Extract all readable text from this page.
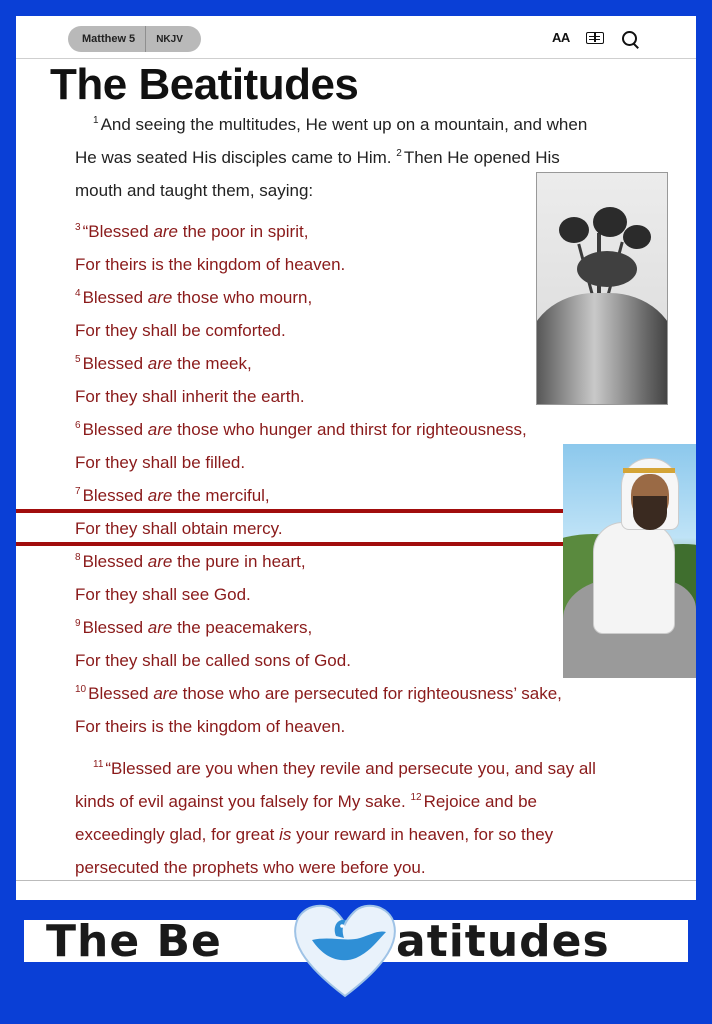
Matthew 5	NKJV	AA
The Beatitudes
$^1$ And seeing the multitudes, He went up on a mountain, and when
He was seated His disciples came to Him. $^2$ Then He opened His
mouth and taught them, saying:
$^3$ “Blessed are the poor in spirit,
For theirs is the kingdom of heaven.
$^4$ Blessed are those who mourn,
For they shall be comforted.
$^5$ Blessed are the meek,
For they shall inherit the earth.
$^6$ Blessed are those who hunger and thirst for righteousness,
For they shall be filled.
$^7$ Blessed are the merciful,
For they shall obtain mercy.
$^8$ Blessed are the pure in heart,
For they shall see God.
$^9$ Blessed are the peacemakers,
For they shall be called sons of God.
$^{10}$ Blessed are those who are persecuted for righteousness’ sake,
For theirs is the kingdom of heaven.
$^{11}$ “Blessed are you when they revile and persecute you, and say all
kinds of evil against you falsely for My sake. $^{12}$ Rejoice and be
exceedingly glad, for great is your reward in heaven, for so they
persecuted the prophets who were before you.
The Be	atitudes
